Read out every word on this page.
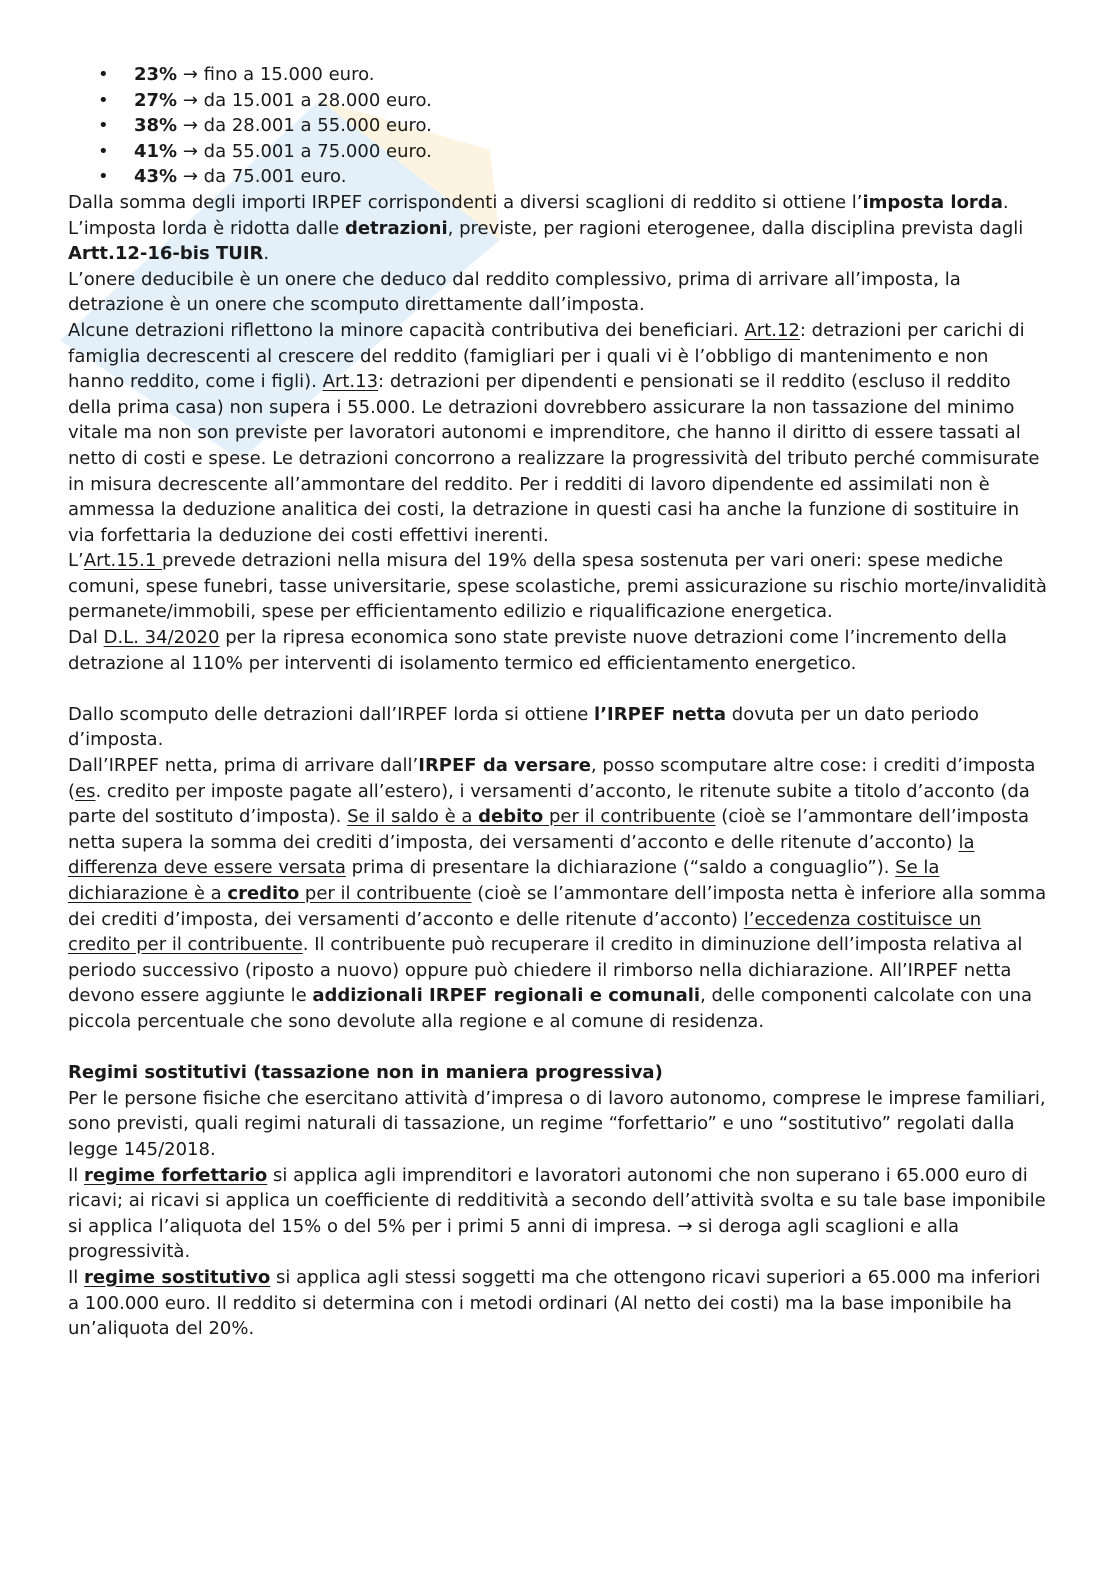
• 23% → fino a 15.000 euro.
• 27% → da 15.001 a 28.000 euro.
• 38% → da 28.001 a 55.000 euro.
• 41% → da 55.001 a 75.000 euro.
• 43% → da 75.001 euro.

Dalla somma degli importi IRPEF corrispondenti a diversi scaglioni di reddito si ottiene l’imposta lorda. L’imposta lorda è ridotta dalle detrazioni, previste, per ragioni eterogenee, dalla disciplina prevista dagli Artt.12-16-bis TUIR.

L’onere deducibile è un onere che deduco dal reddito complessivo, prima di arrivare all’imposta, la detrazione è un onere che scomputo direttamente dall’imposta.

Alcune detrazioni riflettono la minore capacità contributiva dei beneficiari. Art.12: detrazioni per carichi di famiglia decrescenti al crescere del reddito (famigliari per i quali vi è l’obbligo di mantenimento e non hanno reddito, come i figli). Art.13: detrazioni per dipendenti e pensionati se il reddito (escluso il reddito della prima casa) non supera i 55.000. Le detrazioni dovrebbero assicurare la non tassazione del minimo vitale ma non son previste per lavoratori autonomi e imprenditore, che hanno il diritto di essere tassati al netto di costi e spese. Le detrazioni concorrono a realizzare la progressività del tributo perché commisurate in misura decrescente all’ammontare del reddito. Per i redditi di lavoro dipendente ed assimilati non è ammessa la deduzione analitica dei costi, la detrazione in questi casi ha anche la funzione di sostituire in via forfettaria la deduzione dei costi effettivi inerenti.

L’Art.15.1 prevede detrazioni nella misura del 19% della spesa sostenuta per vari oneri: spese mediche comuni, spese funebri, tasse universitarie, spese scolastiche, premi assicurazione su rischio morte/invalidità permanete/immobili, spese per efficientamento edilizio e riqualificazione energetica.

Dal D.L. 34/2020 per la ripresa economica sono state previste nuove detrazioni come l’incremento della detrazione al 110% per interventi di isolamento termico ed efficientamento energetico.

Dallo scomputo delle detrazioni dall’IRPEF lorda si ottiene l’IRPEF netta dovuta per un dato periodo d’imposta.

Dall’IRPEF netta, prima di arrivare dall’IRPEF da versare, posso scomputare altre cose: i crediti d’imposta (es. credito per imposte pagate all’estero), i versamenti d’acconto, le ritenute subite a titolo d’acconto (da parte del sostituto d’imposta). Se il saldo è a debito per il contribuente (cioè se l’ammontare dell’imposta netta supera la somma dei crediti d’imposta, dei versamenti d’acconto e delle ritenute d’acconto) la differenza deve essere versata prima di presentare la dichiarazione (“saldo a conguaglio”). Se la dichiarazione è a credito per il contribuente (cioè se l’ammontare dell’imposta netta è inferiore alla somma dei crediti d’imposta, dei versamenti d’acconto e delle ritenute d’acconto) l’eccedenza costituisce un credito per il contribuente. Il contribuente può recuperare il credito in diminuzione dell’imposta relativa al periodo successivo (riposto a nuovo) oppure può chiedere il rimborso nella dichiarazione. All’IRPEF netta devono essere aggiunte le addizionali IRPEF regionali e comunali, delle componenti calcolate con una piccola percentuale che sono devolute alla regione e al comune di residenza.

Regimi sostitutivi (tassazione non in maniera progressiva)

Per le persone fisiche che esercitano attività d’impresa o di lavoro autonomo, comprese le imprese familiari, sono previsti, quali regimi naturali di tassazione, un regime “forfettario” e uno “sostitutivo” regolati dalla legge 145/2018.

Il regime forfettario si applica agli imprenditori e lavoratori autonomi che non superano i 65.000 euro di ricavi; ai ricavi si applica un coefficiente di redditività a secondo dell’attività svolta e su tale base imponibile si applica l’aliquota del 15% o del 5% per i primi 5 anni di impresa. → si deroga agli scaglioni e alla progressività.

Il regime sostitutivo si applica agli stessi soggetti ma che ottengono ricavi superiori a 65.000 ma inferiori a 100.000 euro. Il reddito si determina con i metodi ordinari (Al netto dei costi) ma la base imponibile ha un’aliquota del 20%.
